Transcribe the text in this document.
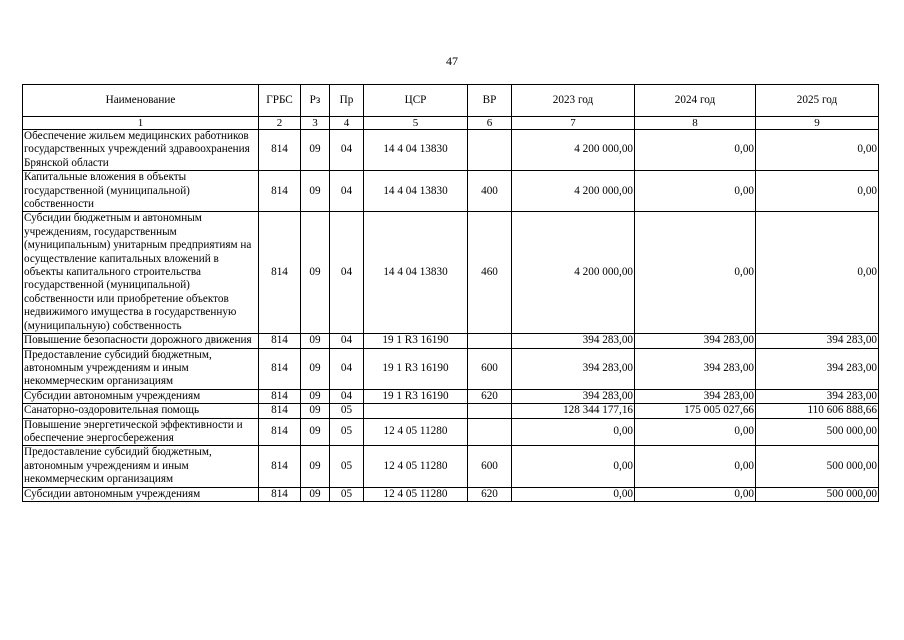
47
Наименование	ГРБС	Рз	Пр	ЦСР	ВР	2023 год	2024 год	2025 год
1	2	3	4	5	6	7	8	9
Обеспечение жильем медицинских работников государственных учреждений здравоохранения Брянской области	814	09	04	14 4 04 13830		4 200 000,00	0,00	0,00
Капитальные вложения в объекты государственной (муниципальной) собственности	814	09	04	14 4 04 13830	400	4 200 000,00	0,00	0,00
Субсидии бюджетным и автономным учреждениям, государственным (муниципальным) унитарным предприятиям на осуществление капитальных вложений в объекты капитального строительства государственной (муниципальной) собственности или приобретение объектов недвижимого имущества в государственную (муниципальную) собственность	814	09	04	14 4 04 13830	460	4 200 000,00	0,00	0,00
Повышение безопасности дорожного движения	814	09	04	19 1 R3 16190		394 283,00	394 283,00	394 283,00
Предоставление субсидий бюджетным, автономным учреждениям и иным некоммерческим организациям	814	09	04	19 1 R3 16190	600	394 283,00	394 283,00	394 283,00
Субсидии автономным учреждениям	814	09	04	19 1 R3 16190	620	394 283,00	394 283,00	394 283,00
Санаторно-оздоровительная помощь	814	09	05			128 344 177,16	175 005 027,66	110 606 888,66
Повышение энергетической эффективности и обеспечение энергосбережения	814	09	05	12 4 05 11280		0,00	0,00	500 000,00
Предоставление субсидий бюджетным, автономным учреждениям и иным некоммерческим организациям	814	09	05	12 4 05 11280	600	0,00	0,00	500 000,00
Субсидии автономным учреждениям	814	09	05	12 4 05 11280	620	0,00	0,00	500 000,00
